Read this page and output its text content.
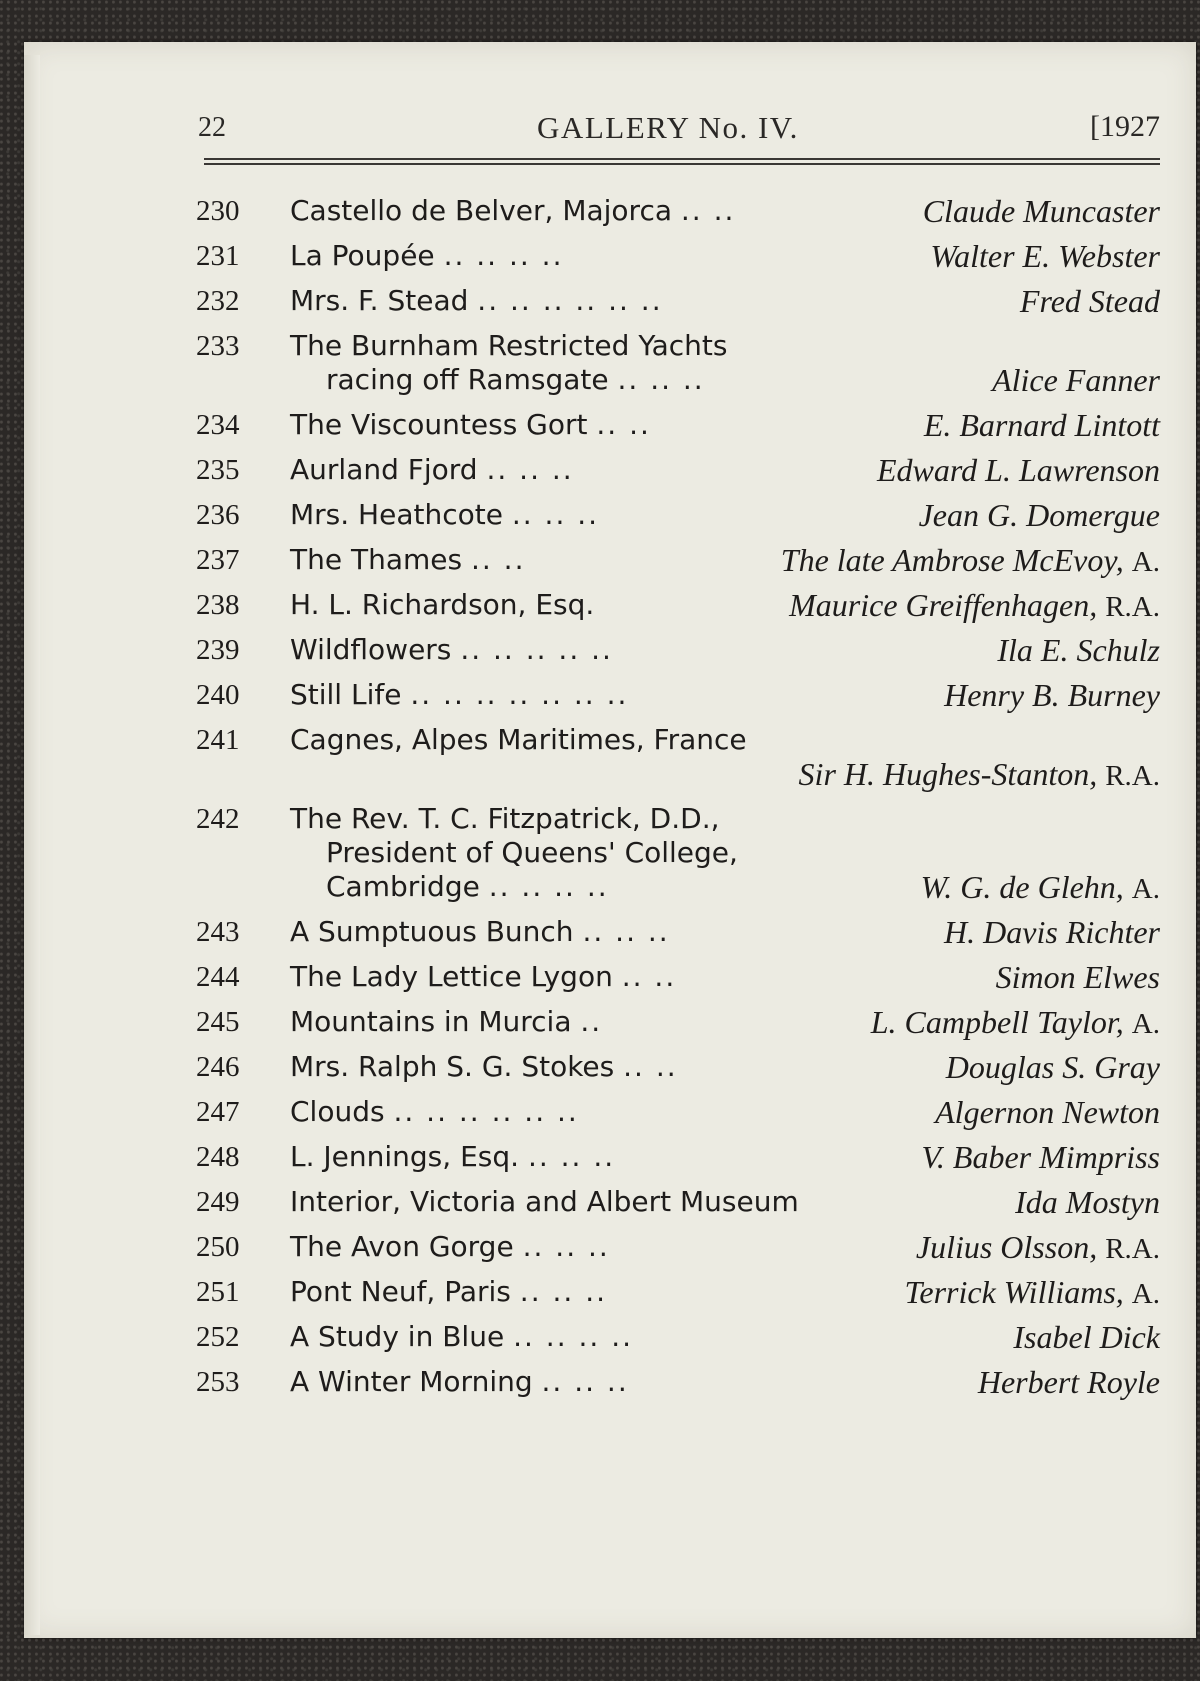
22	GALLERY No. IV.	[1927
230	Castello de Belver, Majorca .. ..	Claude Muncaster
231	La Poupée .. .. .. ..	Walter E. Webster
232	Mrs. F. Stead .. .. .. .. .. ..	Fred Stead
233	The Burnham Restricted Yachts
racing off Ramsgate .. .. ..	Alice Fanner
234	The Viscountess Gort .. ..	E. Barnard Lintott
235	Aurland Fjord .. .. ..	Edward L. Lawrenson
236	Mrs. Heathcote .. .. ..	Jean G. Domergue
237	The Thames .. ..	The late Ambrose McEvoy, A.
238	H. L. Richardson, Esq.	Maurice Greiffenhagen, R.A.
239	Wildflowers .. .. .. .. ..	Ila E. Schulz
240	Still Life .. .. .. .. .. .. ..	Henry B. Burney
241	Cagnes, Alpes Maritimes, France
Sir H. Hughes-Stanton, R.A.
242	The Rev. T. C. Fitzpatrick, D.D.,
President of Queens' College,
Cambridge .. .. .. ..	W. G. de Glehn, A.
243	A Sumptuous Bunch .. .. ..	H. Davis Richter
244	The Lady Lettice Lygon .. ..	Simon Elwes
245	Mountains in Murcia ..	L. Campbell Taylor, A.
246	Mrs. Ralph S. G. Stokes .. ..	Douglas S. Gray
247	Clouds .. .. .. .. .. ..	Algernon Newton
248	L. Jennings, Esq. .. .. ..	V. Baber Mimpriss
249	Interior, Victoria and Albert Museum	Ida Mostyn
250	The Avon Gorge .. .. ..	Julius Olsson, R.A.
251	Pont Neuf, Paris .. .. ..	Terrick Williams, A.
252	A Study in Blue .. .. .. ..	Isabel Dick
253	A Winter Morning .. .. ..	Herbert Royle
